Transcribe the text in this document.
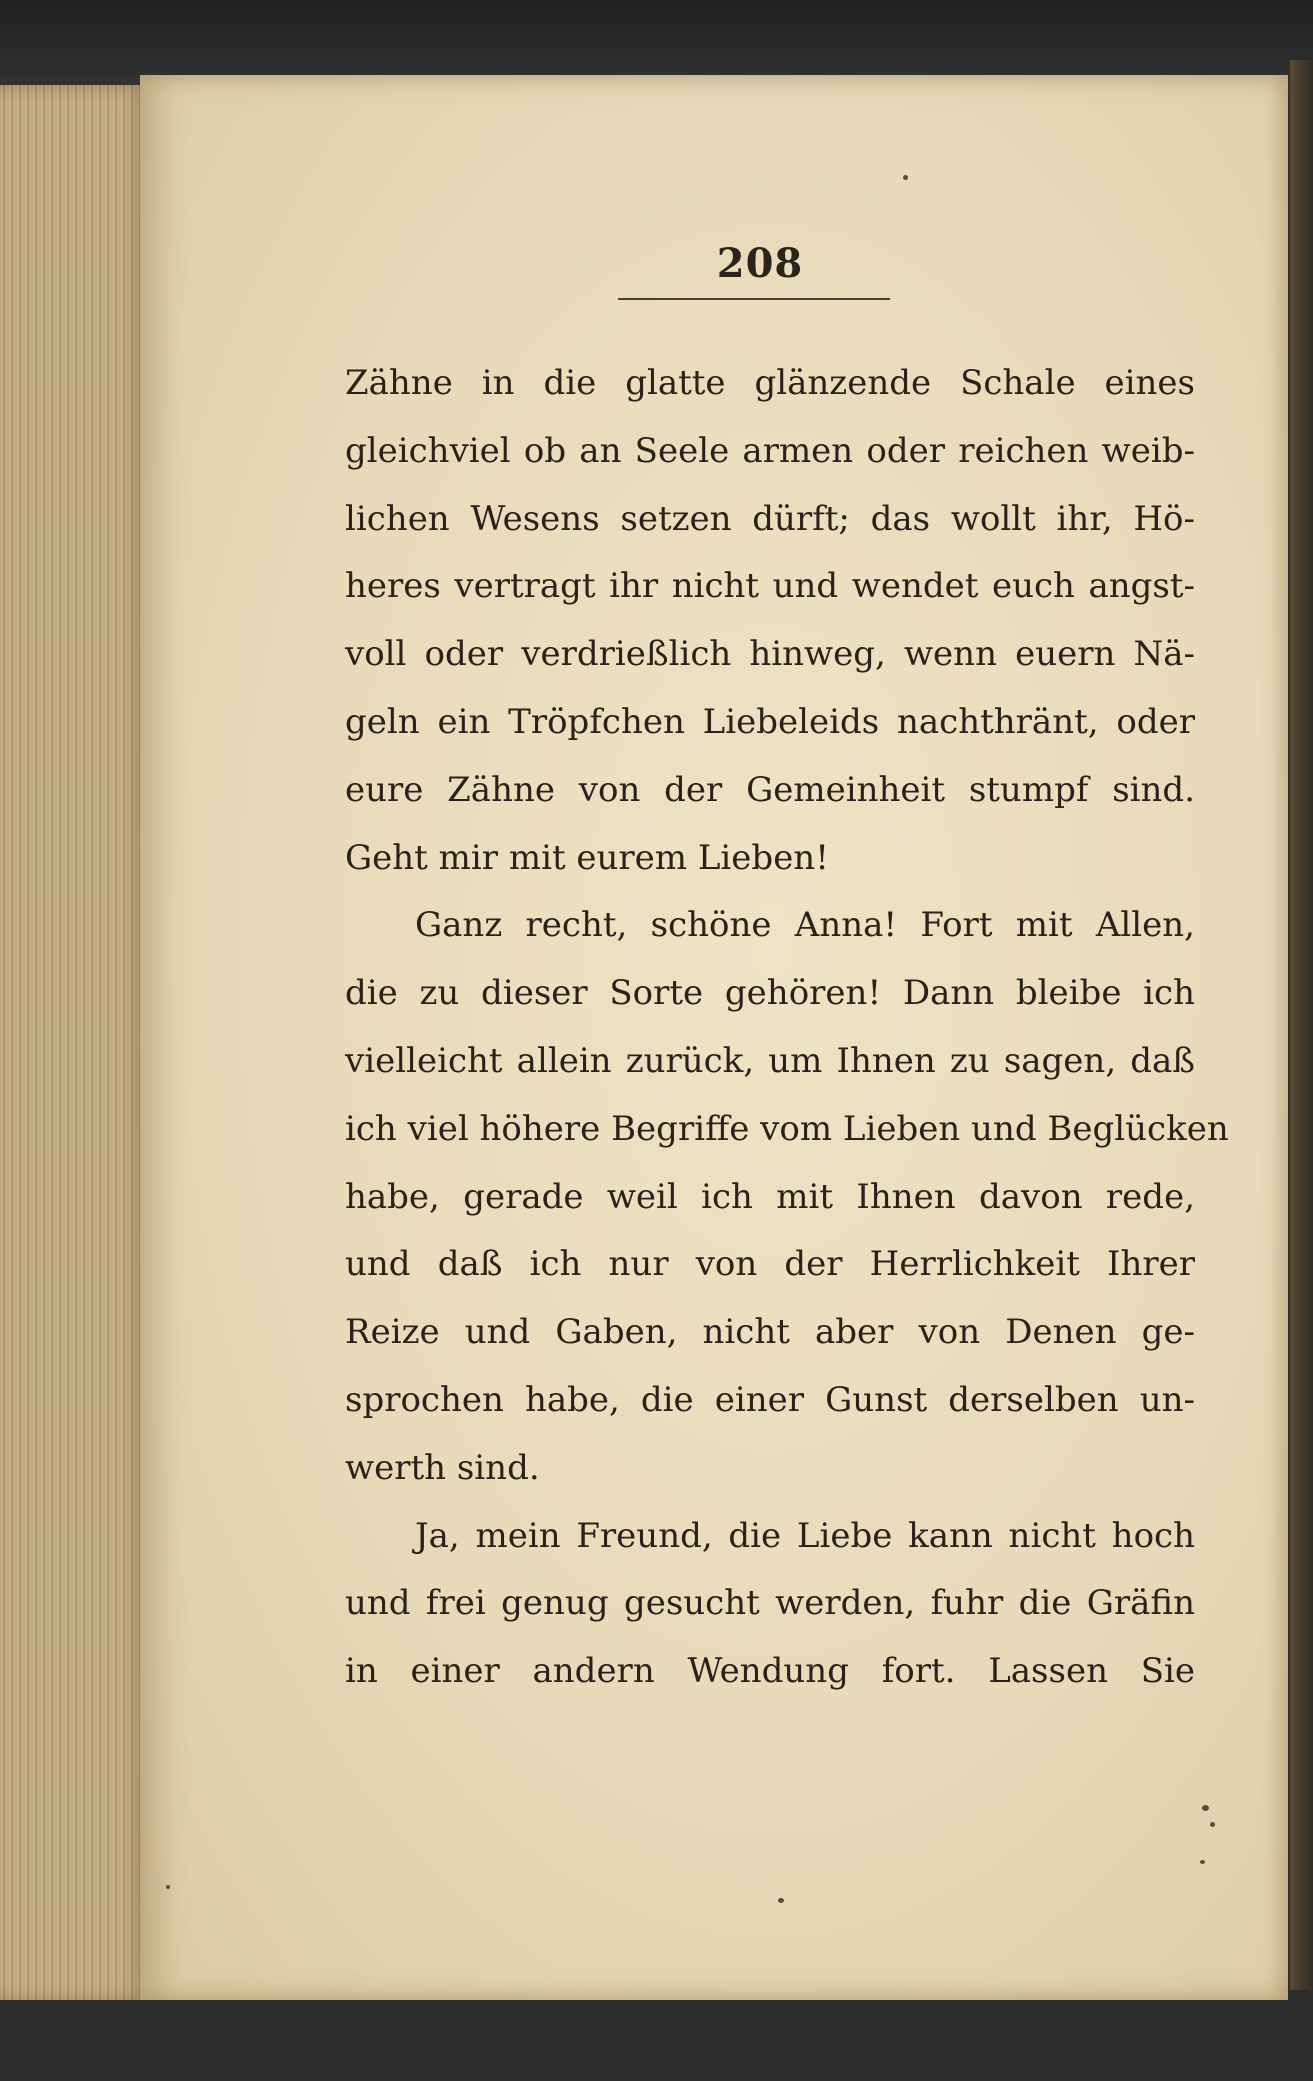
208
Zähne in die glatte glänzende Schale eines
gleichviel ob an Seele armen oder reichen weib-
lichen Wesens setzen dürft; das wollt ihr, Hö-
heres vertragt ihr nicht und wendet euch angst-
voll oder verdrießlich hinweg, wenn euern Nä-
geln ein Tröpfchen Liebeleids nachthränt, oder
eure Zähne von der Gemeinheit stumpf sind.
Geht mir mit eurem Lieben!
Ganz recht, schöne Anna! Fort mit Allen,
die zu dieser Sorte gehören! Dann bleibe ich
vielleicht allein zurück, um Ihnen zu sagen, daß
ich viel höhere Begriffe vom Lieben und Beglücken
habe, gerade weil ich mit Ihnen davon rede,
und daß ich nur von der Herrlichkeit Ihrer
Reize und Gaben, nicht aber von Denen ge-
sprochen habe, die einer Gunst derselben un-
werth sind.
Ja, mein Freund, die Liebe kann nicht hoch
und frei genug gesucht werden, fuhr die Gräfin
in einer andern Wendung fort. Lassen Sie
